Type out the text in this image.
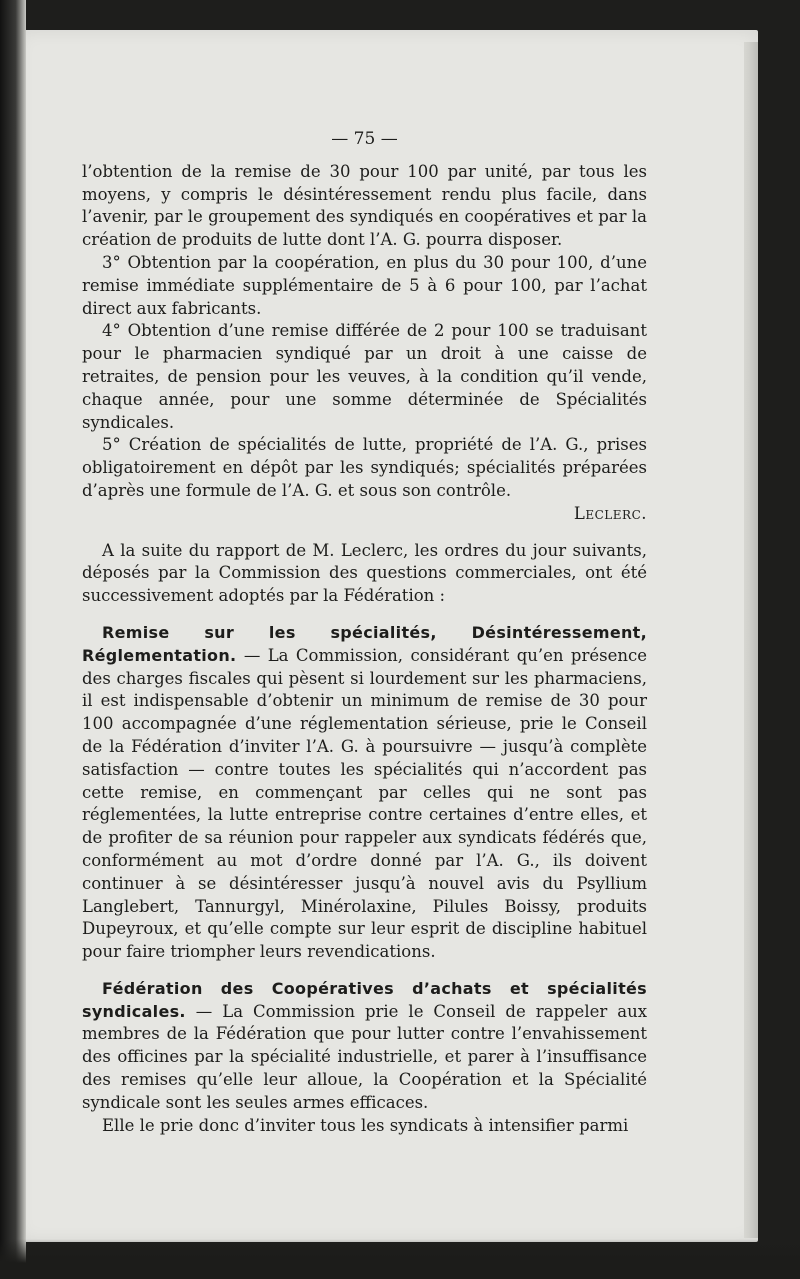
— 75 —

l’obtention de la remise de 30 pour 100 par unité, par tous les moyens, y compris le désintéressement rendu plus facile, dans l’avenir, par le groupement des syndiqués en coopératives et par la création de produits de lutte dont l’A. G. pourra disposer.

3° Obtention par la coopération, en plus du 30 pour 100, d’une remise immédiate supplémentaire de 5 à 6 pour 100, par l’achat direct aux fabricants.

4° Obtention d’une remise différée de 2 pour 100 se traduisant pour le pharmacien syndiqué par un droit à une caisse de retraites, de pension pour les veuves, à la condition qu’il vende, chaque année, pour une somme déterminée de Spécialités syndicales.

5° Création de spécialités de lutte, propriété de l’A. G., prises obligatoirement en dépôt par les syndiqués; spécialités préparées d’après une formule de l’A. G. et sous son contrôle.

Leclerc.

A la suite du rapport de M. Leclerc, les ordres du jour suivants, déposés par la Commission des questions commerciales, ont été successivement adoptés par la Fédération :

Remise sur les spécialités, Désintéressement, Réglementation. — La Commission, considérant qu’en présence des charges fiscales qui pèsent si lourdement sur les pharmaciens, il est indispensable d’obtenir un minimum de remise de 30 pour 100 accompagnée d’une réglementation sérieuse, prie le Conseil de la Fédération d’inviter l’A. G. à poursuivre — jusqu’à complète satisfaction — contre toutes les spécialités qui n’accordent pas cette remise, en commençant par celles qui ne sont pas réglementées, la lutte entreprise contre certaines d’entre elles, et de profiter de sa réunion pour rappeler aux syndicats fédérés que, conformément au mot d’ordre donné par l’A. G., ils doivent continuer à se désintéresser jusqu’à nouvel avis du Psyllium Langlebert, Tannurgyl, Minérolaxine, Pilules Boissy, produits Dupeyroux, et qu’elle compte sur leur esprit de discipline habituel pour faire triompher leurs revendications.

Fédération des Coopératives d’achats et spécialités syndicales. — La Commission prie le Conseil de rappeler aux membres de la Fédération que pour lutter contre l’envahissement des officines par la spécialité industrielle, et parer à l’insuffisance des remises qu’elle leur alloue, la Coopération et la Spécialité syndicale sont les seules armes efficaces.

Elle le prie donc d’inviter tous les syndicats à intensifier parmi
